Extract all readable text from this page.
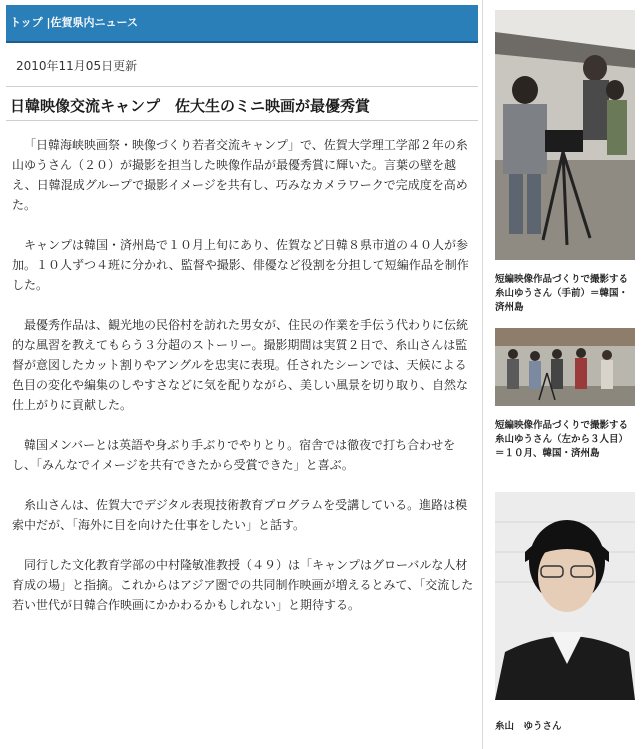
トップ |佐賀県内ニュース
2010年11月05日更新
日韓映像交流キャンプ　佐大生のミニ映画が最優秀賞

「日韓海峡映画祭・映像づくり若者交流キャンプ」で、佐賀大学理工学部２年の糸山ゆうさん（２０）が撮影を担当した映像作品が最優秀賞に輝いた。言葉の壁を越え、日韓混成グループで撮影イメージを共有し、巧みなカメラワークで完成度を高めた。

キャンプは韓国・済州島で１０月上旬にあり、佐賀など日韓８県市道の４０人が参加。１０人ずつ４班に分かれ、監督や撮影、俳優など役割を分担して短編作品を制作した。

最優秀作品は、観光地の民俗村を訪れた男女が、住民の作業を手伝う代わりに伝統的な風習を教えてもらう３分超のストーリー。撮影期間は実質２日で、糸山さんは監督が意図したカット割りやアングルを忠実に表現。任されたシーンでは、天候による色目の変化や編集のしやすさなどに気を配りながら、美しい風景を切り取り、自然な仕上がりに貢献した。

韓国メンバーとは英語や身ぶり手ぶりでやりとり。宿舎では徹夜で打ち合わせをし、「みんなでイメージを共有できたから受賞できた」と喜ぶ。

糸山さんは、佐賀大でデジタル表現技術教育プログラムを受講している。進路は模索中だが、「海外に目を向けた仕事をしたい」と話す。

同行した文化教育学部の中村隆敏准教授（４９）は「キャンプはグローバルな人材育成の場」と指摘。これからはアジア圏での共同制作映画が増えるとみて、「交流した若い世代が日韓合作映画にかかわるかもしれない」と期待する。

短編映像作品づくりで撮影する糸山ゆうさん（手前）＝韓国・済州島
短編映像作品づくりで撮影する糸山ゆうさん（左から３人目）＝１０月、韓国・済州島
糸山　ゆうさん
